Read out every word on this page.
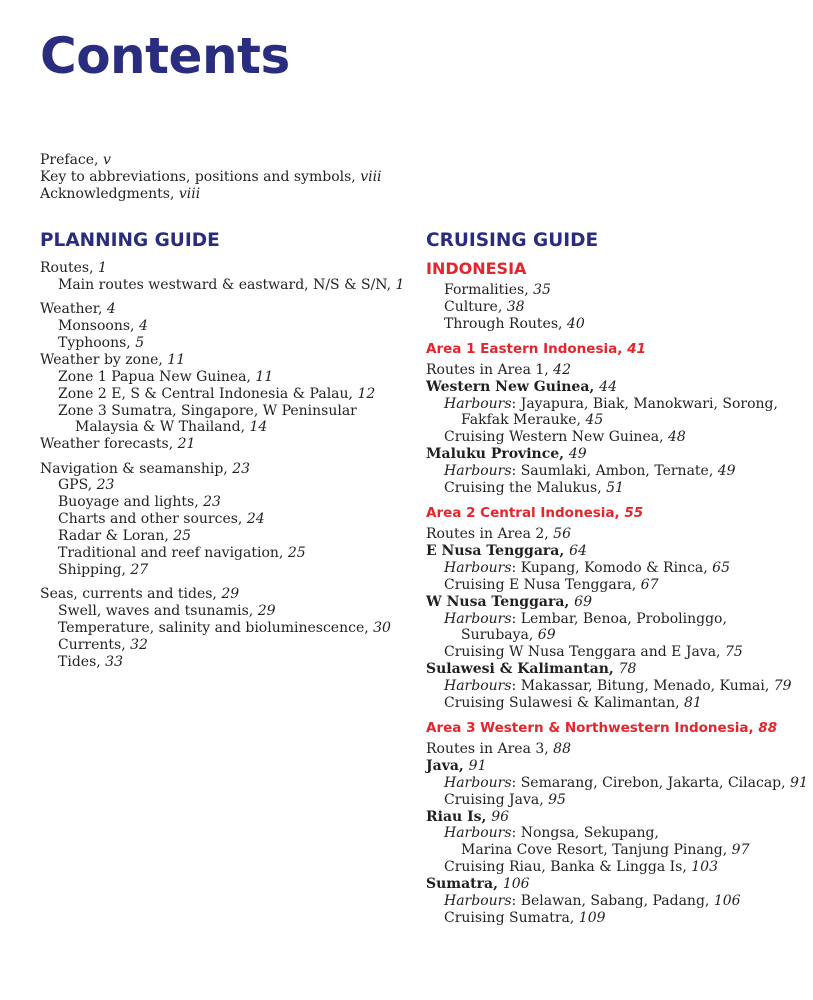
Contents
Preface, v
Key to abbreviations, positions and symbols, viii
Acknowledgments, viii
PLANNING GUIDE
Routes, 1
Main routes westward & eastward, N/S & S/N, 1
Weather, 4
Monsoons, 4
Typhoons, 5
Weather by zone, 11
Zone 1 Papua New Guinea, 11
Zone 2 E, S & Central Indonesia & Palau, 12
Zone 3 Sumatra, Singapore, W Peninsular
Malaysia & W Thailand, 14
Weather forecasts, 21
Navigation & seamanship, 23
GPS, 23
Buoyage and lights, 23
Charts and other sources, 24
Radar & Loran, 25
Traditional and reef navigation, 25
Shipping, 27
Seas, currents and tides, 29
Swell, waves and tsunamis, 29
Temperature, salinity and bioluminescence, 30
Currents, 32
Tides, 33
CRUISING GUIDE
INDONESIA
Formalities, 35
Culture, 38
Through Routes, 40
Area 1 Eastern Indonesia, 41
Routes in Area 1, 42
Western New Guinea, 44
Harbours: Jayapura, Biak, Manokwari, Sorong,
Fakfak Merauke, 45
Cruising Western New Guinea, 48
Maluku Province, 49
Harbours: Saumlaki, Ambon, Ternate, 49
Cruising the Malukus, 51
Area 2 Central Indonesia, 55
Routes in Area 2, 56
E Nusa Tenggara, 64
Harbours: Kupang, Komodo & Rinca, 65
Cruising E Nusa Tenggara, 67
W Nusa Tenggara, 69
Harbours: Lembar, Benoa, Probolinggo,
Surubaya, 69
Cruising W Nusa Tenggara and E Java, 75
Sulawesi & Kalimantan, 78
Harbours: Makassar, Bitung, Menado, Kumai, 79
Cruising Sulawesi & Kalimantan, 81
Area 3 Western & Northwestern Indonesia, 88
Routes in Area 3, 88
Java, 91
Harbours: Semarang, Cirebon, Jakarta, Cilacap, 91
Cruising Java, 95
Riau Is, 96
Harbours: Nongsa, Sekupang,
Marina Cove Resort, Tanjung Pinang, 97
Cruising Riau, Banka & Lingga Is, 103
Sumatra, 106
Harbours: Belawan, Sabang, Padang, 106
Cruising Sumatra, 109
